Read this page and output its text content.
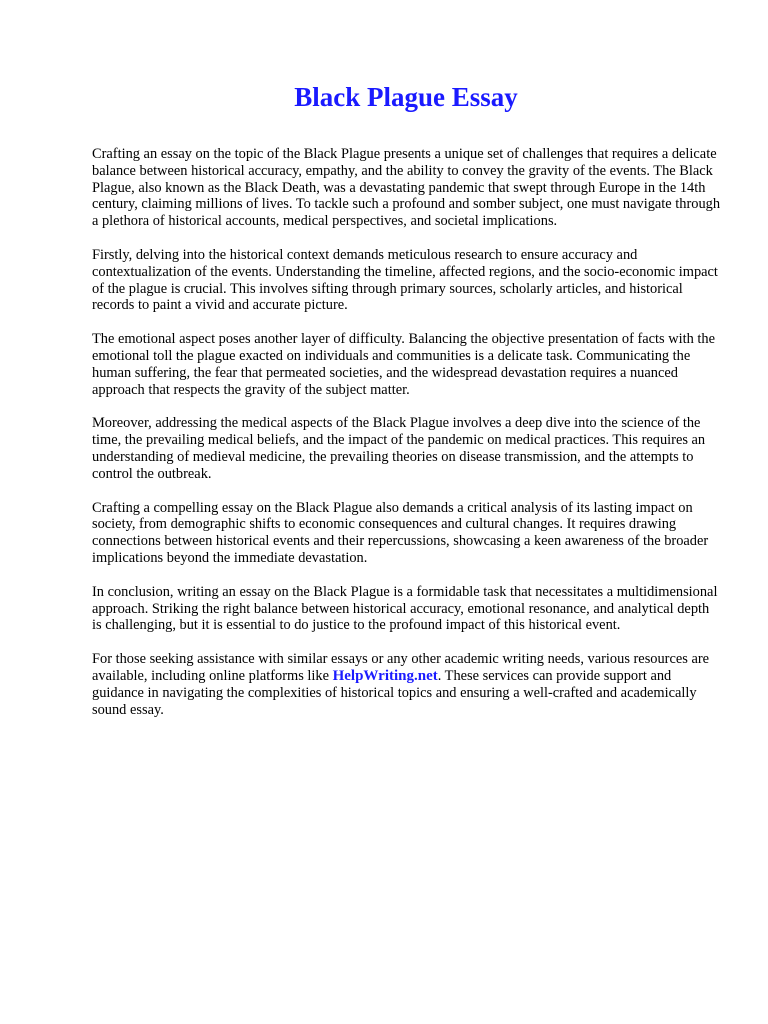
Black Plague Essay

Crafting an essay on the topic of the Black Plague presents a unique set of challenges that requires a delicate balance between historical accuracy, empathy, and the ability to convey the gravity of the events. The Black Plague, also known as the Black Death, was a devastating pandemic that swept through Europe in the 14th century, claiming millions of lives. To tackle such a profound and somber subject, one must navigate through a plethora of historical accounts, medical perspectives, and societal implications.

Firstly, delving into the historical context demands meticulous research to ensure accuracy and contextualization of the events. Understanding the timeline, affected regions, and the socio-economic impact of the plague is crucial. This involves sifting through primary sources, scholarly articles, and historical records to paint a vivid and accurate picture.

The emotional aspect poses another layer of difficulty. Balancing the objective presentation of facts with the emotional toll the plague exacted on individuals and communities is a delicate task. Communicating the human suffering, the fear that permeated societies, and the widespread devastation requires a nuanced approach that respects the gravity of the subject matter.

Moreover, addressing the medical aspects of the Black Plague involves a deep dive into the science of the time, the prevailing medical beliefs, and the impact of the pandemic on medical practices. This requires an understanding of medieval medicine, the prevailing theories on disease transmission, and the attempts to control the outbreak.

Crafting a compelling essay on the Black Plague also demands a critical analysis of its lasting impact on society, from demographic shifts to economic consequences and cultural changes. It requires drawing connections between historical events and their repercussions, showcasing a keen awareness of the broader implications beyond the immediate devastation.

In conclusion, writing an essay on the Black Plague is a formidable task that necessitates a multidimensional approach. Striking the right balance between historical accuracy, emotional resonance, and analytical depth is challenging, but it is essential to do justice to the profound impact of this historical event.

For those seeking assistance with similar essays or any other academic writing needs, various resources are available, including online platforms like HelpWriting.net. These services can provide support and guidance in navigating the complexities of historical topics and ensuring a well-crafted and academically sound essay.
